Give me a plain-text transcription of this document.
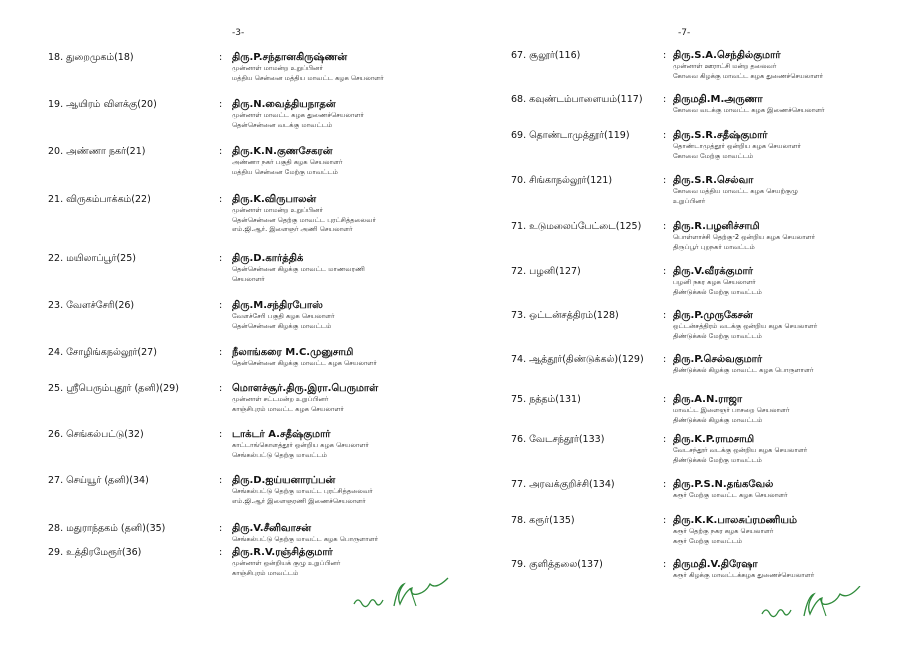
-3-
18. துறைமுகம்(18)	: திரு.P.சந்தானகிருஷ்ணன்
முன்னாள் மாமன்ற உறுப்பினர்
மத்திய சென்னை மத்திய மாவட்ட கழக செயலாளர்
19. ஆயிரம் விளக்கு(20)	: திரு.N.வைத்தியநாதன்
முன்னாள் மாவட்ட கழக துணைச்செயலாளர்
தென்சென்னை வடக்கு மாவட்டம்
20. அண்ணா நகர்(21)	: திரு.K.N.குணசேகரன்
அண்ணா நகர் பகுதி கழக செயலாளர்
மத்திய சென்னை மேற்கு மாவட்டம்
21. விருகம்பாக்கம்(22)	: திரு.K.விருபாலன்
முன்னாள் மாமன்ற உறுப்பினர்
தென்சென்னை தெற்கு மாவட்ட புரட்சித்தலைவர்
எம்.ஜி.ஆர். இளைஞர் அணி செயலாளர்
22. மயிலாப்பூர்(25)	: திரு.D.கார்த்திக்
தென்சென்னை கிழக்கு மாவட்ட மாணவரணி
செயலாளர்
23. வேளச்சேரி(26)	: திரு.M.சந்திரபோஸ்
வேளச்சேரி பகுதி கழக செயலாளர்
தென்சென்னை கிழக்கு மாவட்டம்
24. சோழிங்கநல்லூர்(27)	: நீலாங்கரை M.C.முனுசாமி
தென்சென்னை கிழக்கு மாவட்ட கழக செயலாளர்
25. ஸ்ரீபெரும்புதூர் (தனி)(29)	: மொளச்சூர்.திரு.இரா.பெருமாள்
முன்னாள் சட்டமன்ற உறுப்பினர்
காஞ்சிபுரம் மாவட்ட கழக செயலாளர்
26. செங்கல்பட்டு(32)	: டாக்டர் A.சதீஷ்குமார்
காட்டாங்கொளத்தூர் ஒன்றிய கழக செயலாளர்
செங்கல்பட்டு தெற்கு மாவட்டம்
27. செய்யூர் (தனி)(34)	: திரு.D.ஐய்யனாரப்பன்
செங்கல்பட்டு தெற்கு மாவட்ட புரட்சித்தலைவர்
எம்.ஜி.ஆர் இளைஞரணி இணைச்செயலாளர்
28. மதுராந்தகம் (தனி)(35)	: திரு.V.சீனிவாசன்
செங்கல்பட்டு தெற்கு மாவட்ட கழக பொருளாளர்
29. உத்திரமேரூர்(36)	: திரு.R.V.ரஞ்சித்குமார்
முன்னாள் ஒன்றியக் குழு உறுப்பினர்
காஞ்சிபுரம் மாவட்டம்
-7-
67. சூலூர்(116)	: திரு.S.A.செந்தில்குமார்
முன்னாள் ஊராட்சி மன்ற தலைவர்
கோவை கிழக்கு மாவட்ட கழக துணைச்செயலாளர்
68. கவுண்டம்பாளையம்(117) : திருமதி.M.அருணா
கோவை வடக்கு மாவட்ட கழக இணைச்செயலாளர்
69. தொண்டாமுத்தூர்(119)	: திரு.S.R.சதீஷ்குமார்
தொண்டாமுத்தூர் ஒன்றிய கழக செயலாளர்
கோவை மேற்கு மாவட்டம்
70. சிங்காநல்லூர்(121)	: திரு.S.R.செல்வா
கோவை மத்திய மாவட்ட கழக செயற்குழு
உறுப்பினர்
71. உடுமலைப்பேட்டை(125) : திரு.R.பழனிச்சாமி
பொள்ளாச்சி தெற்கு-2 ஒன்றிய கழக செயலாளர்
திருப்பூர் புறநகர் மாவட்டம்
72. பழனி(127)	: திரு.V.வீரக்குமார்
பழனி நகர கழக செயலாளர்
திண்டுக்கல் மேற்கு மாவட்டம்
73. ஒட்டன்சத்திரம்(128)	: திரு.P.முருகேசன்
ஒட்டன்சத்திரம் வடக்கு ஒன்றிய கழக செயலாளர்
திண்டுக்கல் மேற்கு மாவட்டம்
74. ஆத்தூர்(திண்டுக்கல்)(129) : திரு.P.செல்வகுமார்
திண்டுக்கல் கிழக்கு மாவட்ட கழக பொருளாளர்
75. நத்தம்(131)	: திரு.A.N.ராஜா
மாவட்ட இளைஞர் பாசறை செயலாளர்
திண்டுக்கல் கிழக்கு மாவட்டம்
76. வேடசந்தூர்(133)	: திரு.K.P.ராமசாமி
வேடசந்தூர் வடக்கு ஒன்றிய கழக செயலாளர்
திண்டுக்கல் மேற்கு மாவட்டம்
77. அரவக்குறிச்சி(134)	: திரு.P.S.N.தங்கவேல்
கரூர் மேற்கு மாவட்ட கழக செயலாளர்
78. கரூர்(135)	: திரு.K.K.பாலசுப்ரமணியம்
கரூர் தெற்கு நகர கழக செயலாளர்
கரூர் மேற்கு மாவட்டம்
79. குளித்தலை(137)	: திருமதி.V.திரேஷா
கரூர் கிழக்கு மாவட்டக்கழக துணைச்செயலாளர்
